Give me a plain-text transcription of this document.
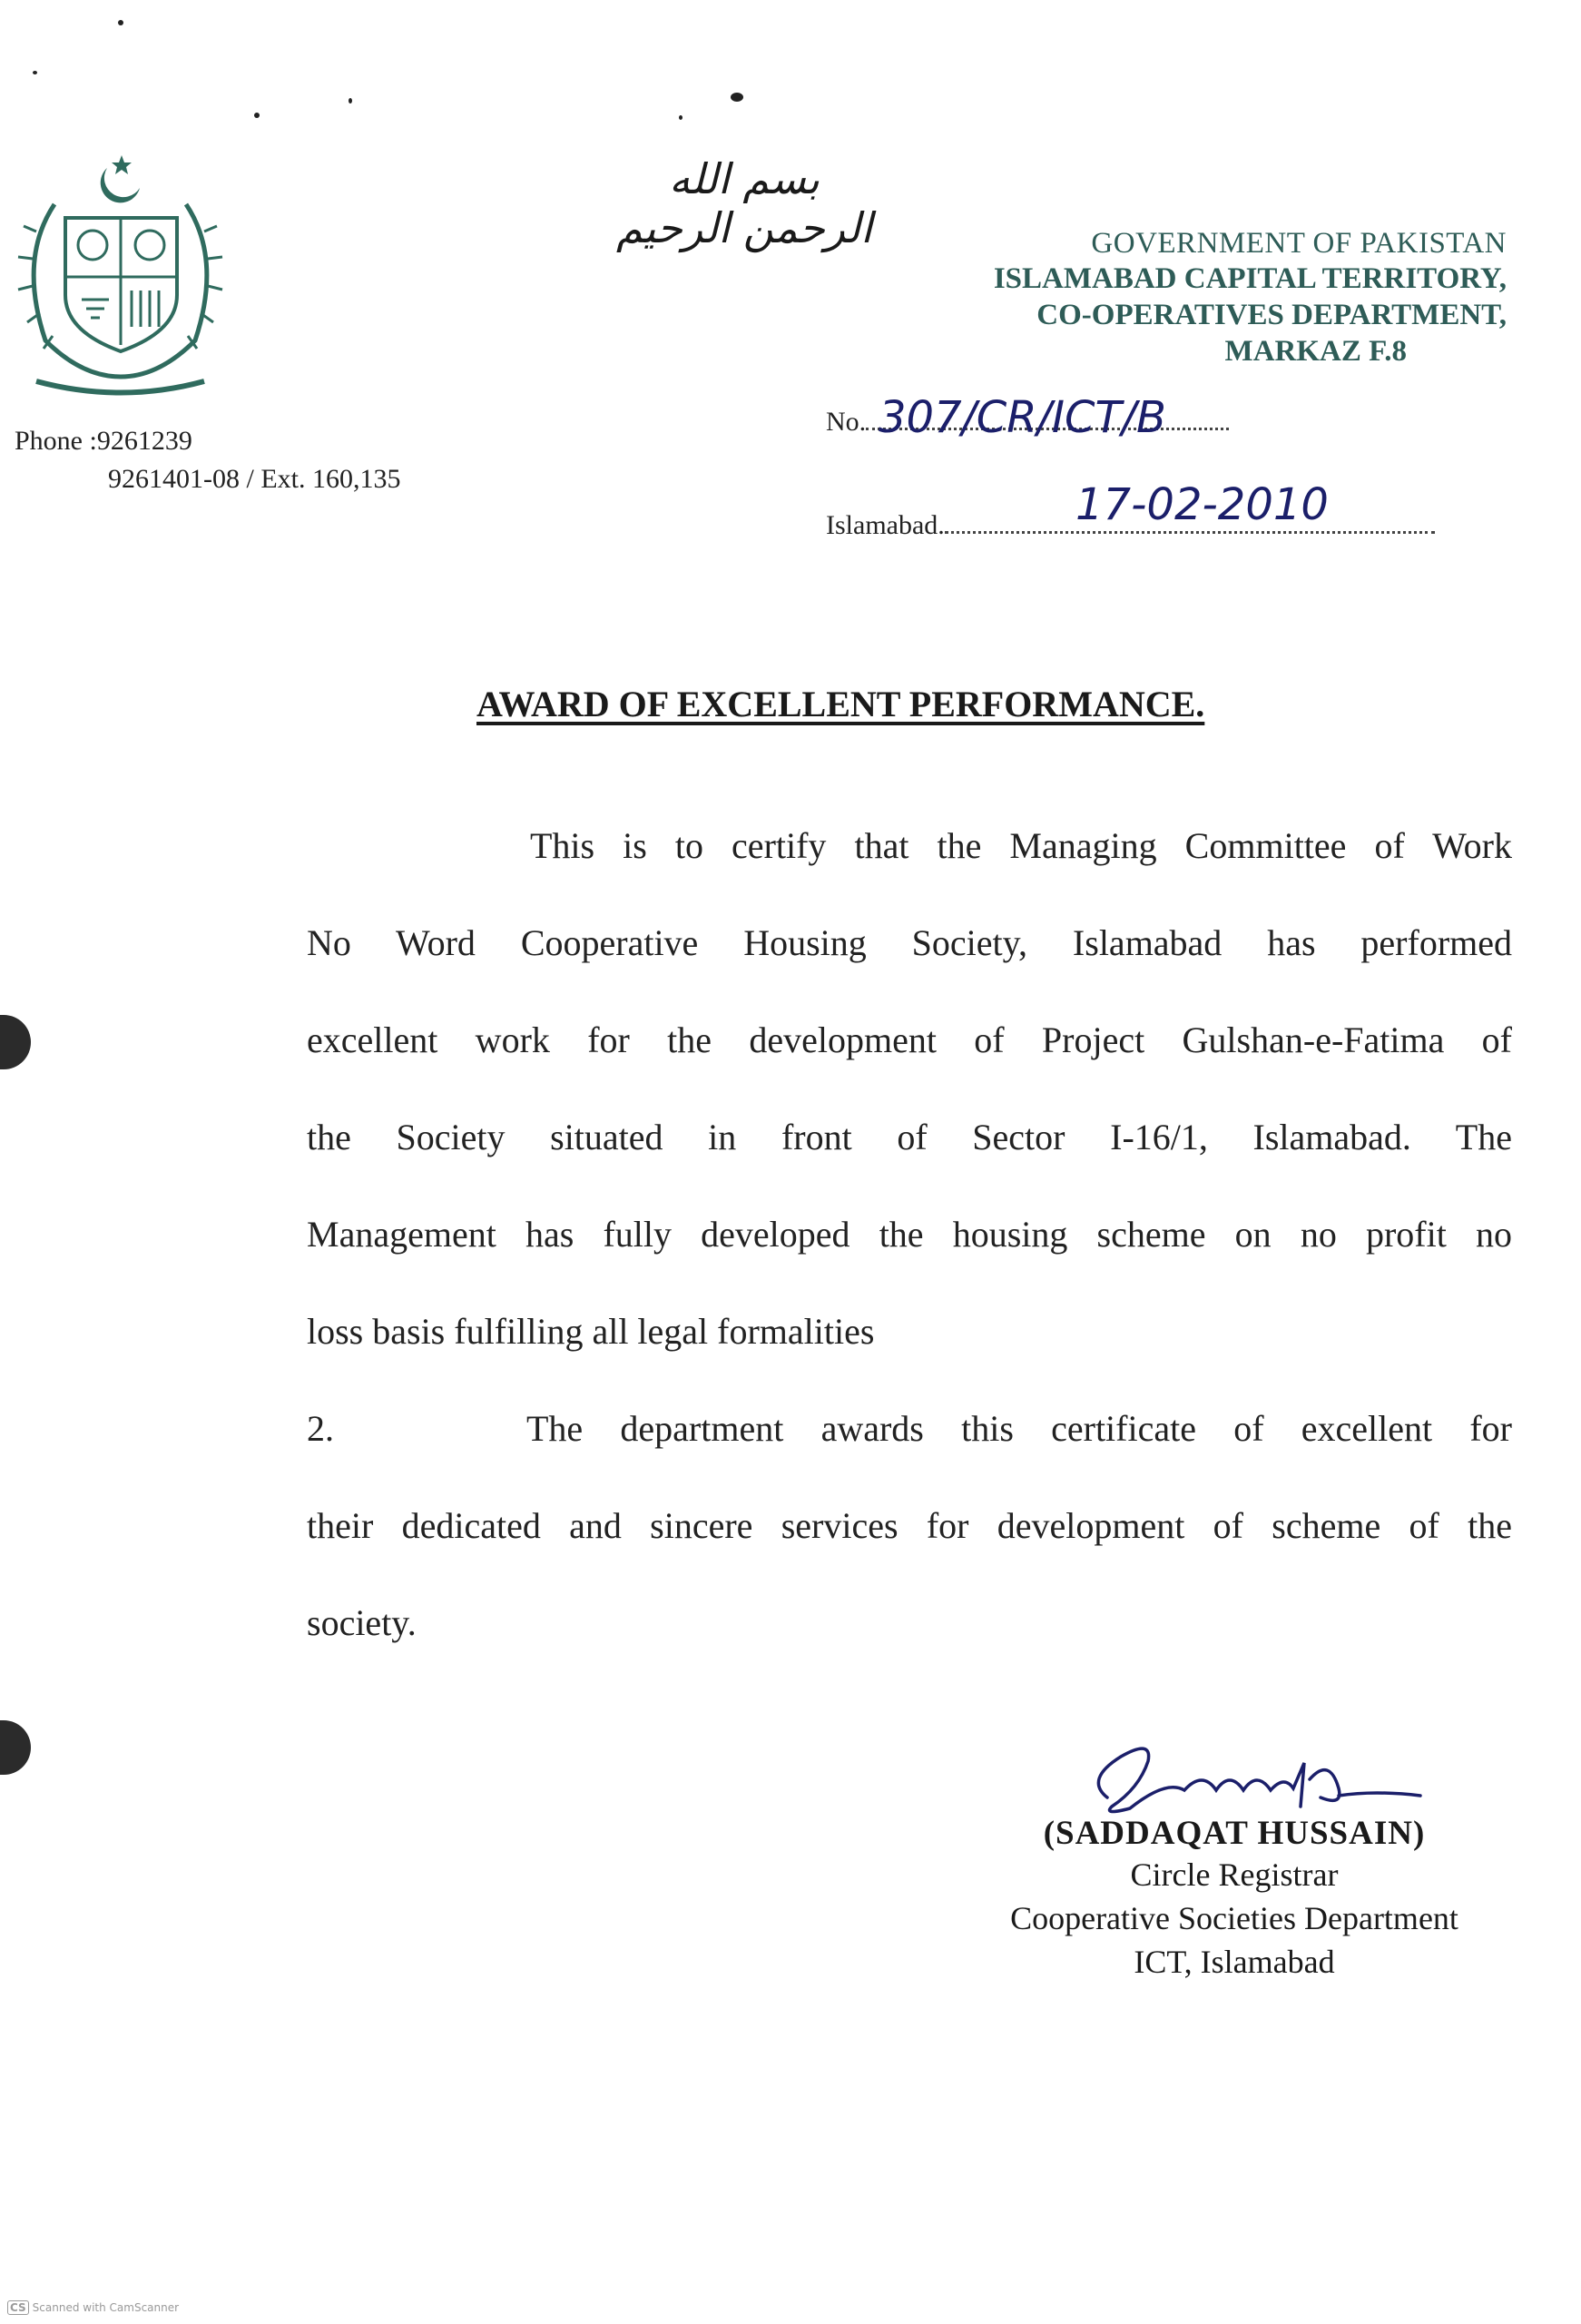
بسم الله الرحمن الرحيم	GOVERNMENT OF PAKISTAN
ISLAMABAD CAPITAL TERRITORY,
CO-OPERATIVES DEPARTMENT,
MARKAZ F.8
Phone :9261239
9261401-08 / Ext. 160,135
No. 307/CR/ICT/B
Islamabad.	17-02-2010
AWARD OF EXCELLENT PERFORMANCE.
This is to certify that the Managing Committee of Work
No Word Cooperative Housing Society, Islamabad has performed
excellent work for the development of Project Gulshan-e-Fatima of
the Society situated in front of Sector I-16/1, Islamabad. The
Management has fully developed the housing scheme on no profit no
loss basis fulfilling all legal formalities
2.	The department awards this certificate of excellent for
their dedicated and sincere services for development of scheme of the
society.
(SADDAQAT HUSSAIN)
Circle Registrar
Cooperative Societies Department
ICT, Islamabad
CS Scanned with CamScanner
